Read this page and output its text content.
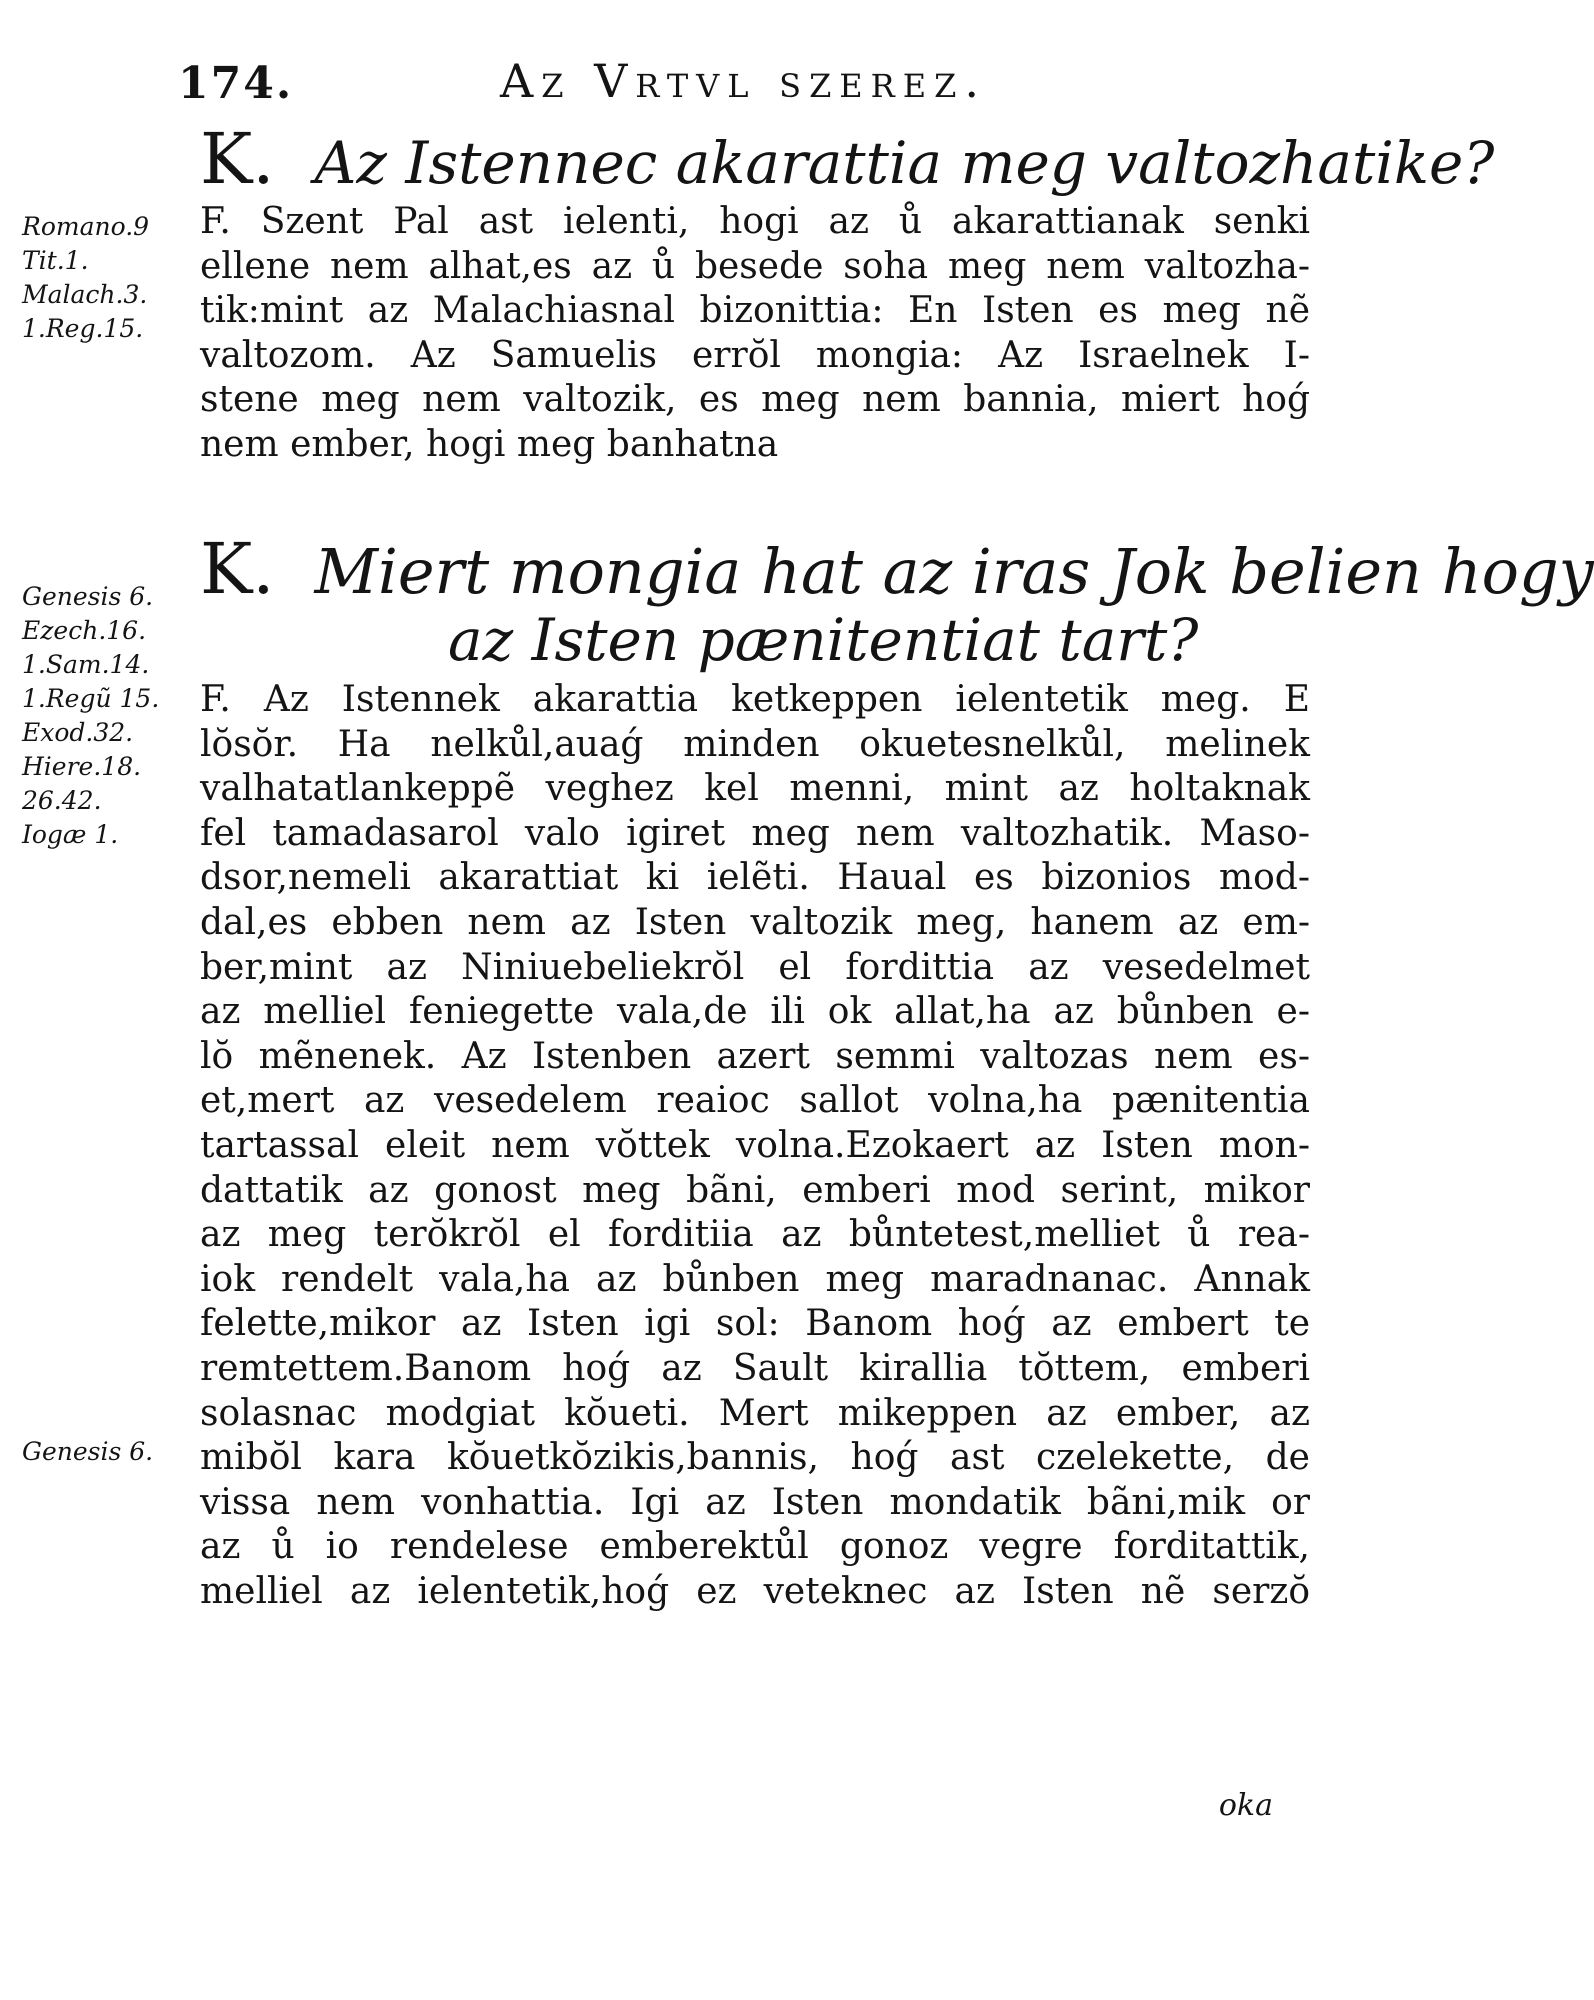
174.	Az Vrtvl szerez.
K. Az Istennec akarattia meg valtozhatike?
Romano.9
Tit.1.
Malach.3.
1.Reg.15.
F. Szent Pal ast ielenti, hogi az ů akarattianak senki
ellene nem alhat,es az ů besede soha meg nem valtozha-
tik:mint az Malachiasnal bizonittia: En Isten es meg nẽ
valtozom. Az Samuelis errŏl mongia: Az Israelnek I-
stene meg nem valtozik, es meg nem bannia, miert hoǵ
nem ember, hogi meg banhatna
K. Miert mongia hat az iras Jok belien hogy
az Isten pænitentiat tart?
Genesis 6.
Ezech.16.
1.Sam.14.
1.Regũ 15.
Exod.32.
Hiere.18.
26.42.
Iogæ 1.
Genesis 6.
F. Az Istennek akarattia ketkeppen ielentetik meg. E
lŏsŏr. Ha nelkůl,auaǵ minden okuetesnelkůl, melinek
valhatatlankeppẽ veghez kel menni, mint az holtaknak
fel tamadasarol valo igiret meg nem valtozhatik. Maso-
dsor,nemeli akarattiat ki ielẽti. Haual es bizonios mod-
dal,es ebben nem az Isten valtozik meg, hanem az em-
ber,mint az Niniuebeliekrŏl el fordittia az vesedelmet
az melliel feniegette vala,de ili ok allat,ha az bůnben e-
lŏ mẽnenek. Az Istenben azert semmi valtozas nem es-
et,mert az vesedelem reaioc sallot volna,ha pænitentia
tartassal eleit nem vŏttek volna.Ezokaert az Isten mon-
dattatik az gonost meg bãni, emberi mod serint, mikor
az meg terŏkrŏl el forditiia az bůntetest,melliet ů rea-
iok rendelt vala,ha az bůnben meg maradnanac. Annak
felette,mikor az Isten igi sol: Banom hoǵ az embert te
remtettem.Banom hoǵ az Sault kirallia tŏttem, emberi
solasnac modgiat kŏueti. Mert mikeppen az ember, az
mibŏl kara kŏuetkŏzikis,bannis, hoǵ ast czelekette, de
vissa nem vonhattia. Igi az Isten mondatik bãni,mik or
az ů io rendelese emberektůl gonoz vegre forditattik,
melliel az ielentetik,hoǵ ez veteknec az Isten nẽ serzŏ
oka
